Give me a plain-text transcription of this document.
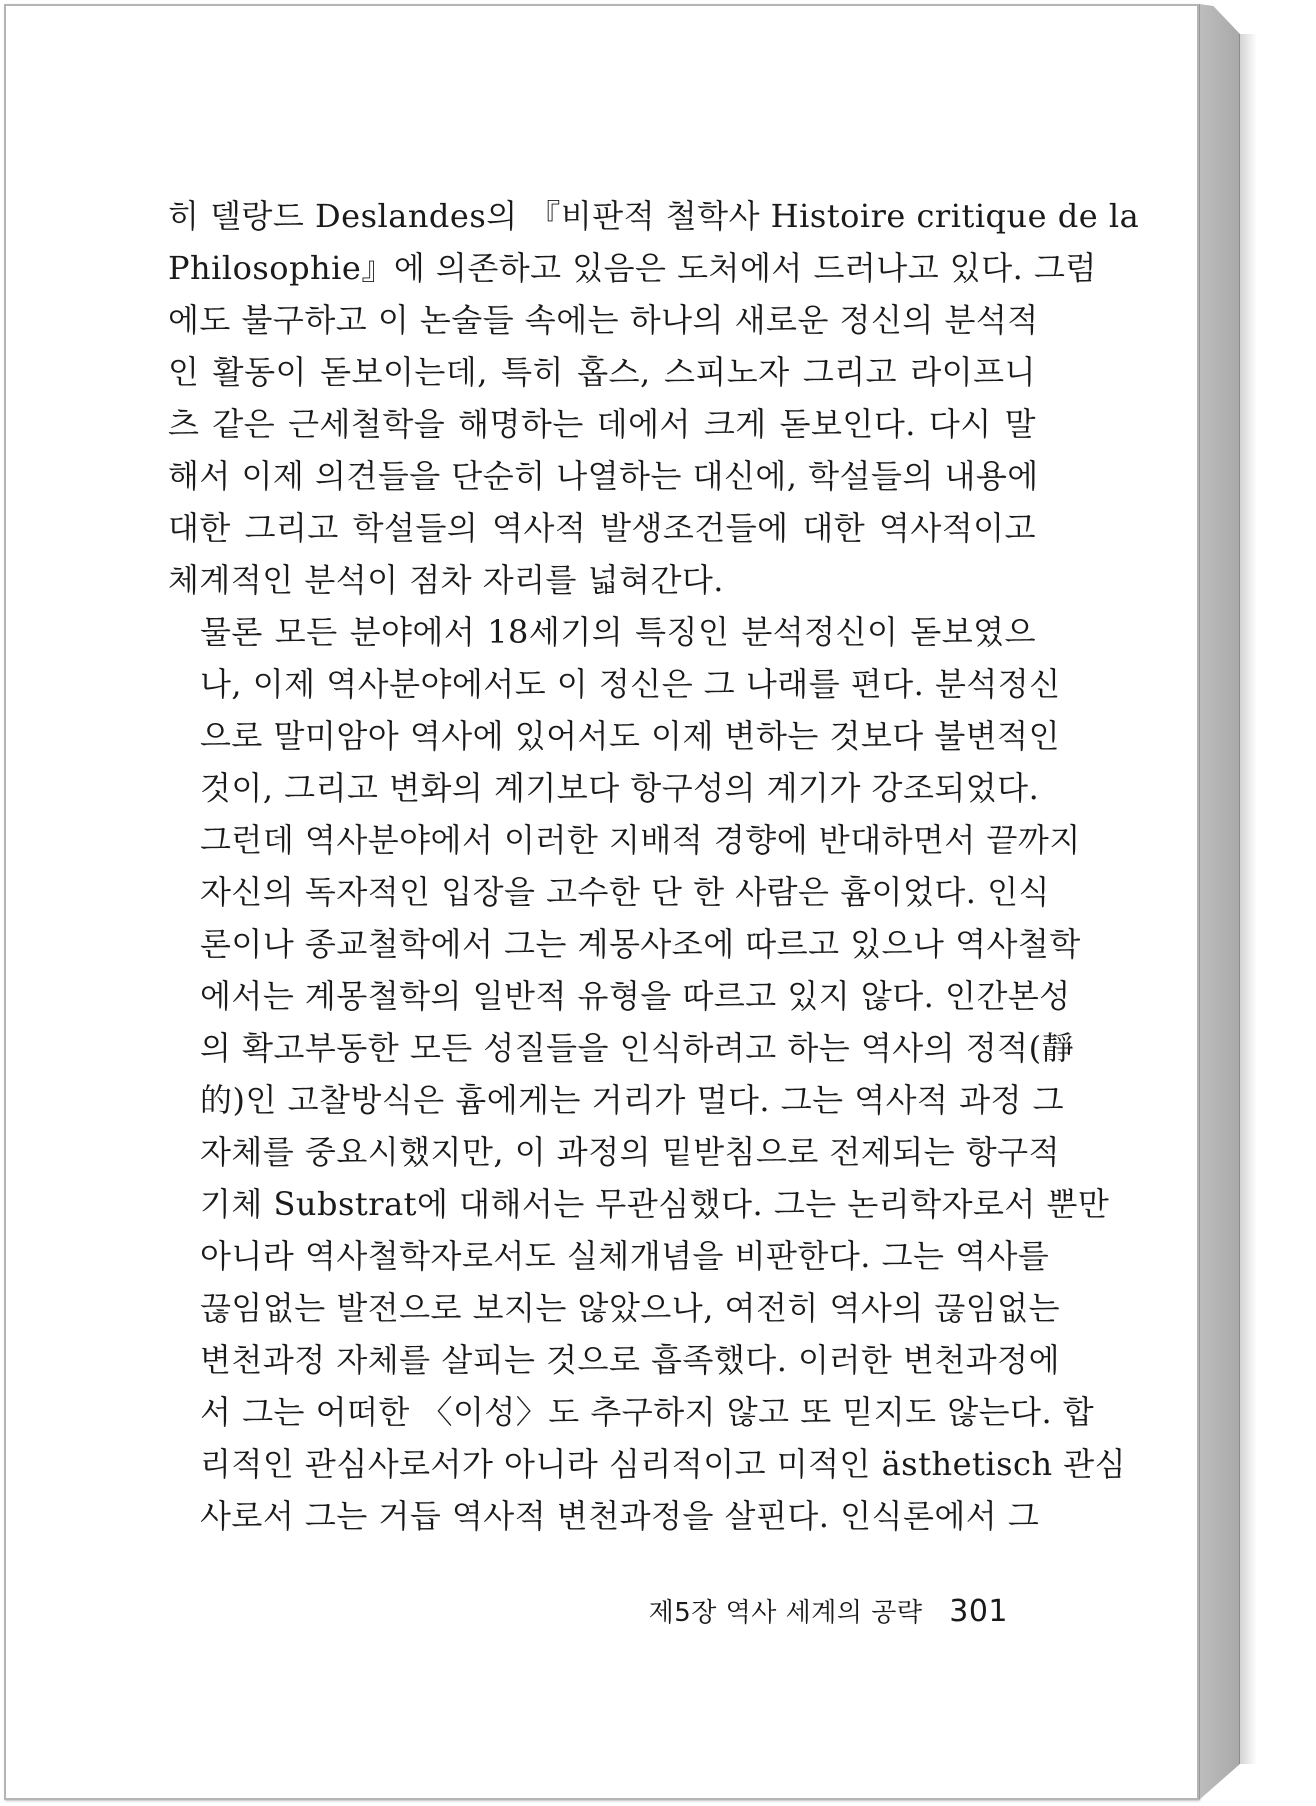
히 델랑드 Deslandes의 『비판적 철학사 Histoire critique de la
Philosophie』에 의존하고 있음은 도처에서 드러나고 있다. 그럼
에도 불구하고 이 논술들 속에는 하나의 새로운 정신의 분석적
인 활동이 돋보이는데, 특히 홉스, 스피노자 그리고 라이프니
츠 같은 근세철학을 해명하는 데에서 크게 돋보인다. 다시 말
해서 이제 의견들을 단순히 나열하는 대신에, 학설들의 내용에
대한 그리고 학설들의 역사적 발생조건들에 대한 역사적이고
체계적인 분석이 점차 자리를 넓혀간다.

물론 모든 분야에서 18세기의 특징인 분석정신이 돋보였으
나, 이제 역사분야에서도 이 정신은 그 나래를 편다. 분석정신
으로 말미암아 역사에 있어서도 이제 변하는 것보다 불변적인
것이, 그리고 변화의 계기보다 항구성의 계기가 강조되었다.
그런데 역사분야에서 이러한 지배적 경향에 반대하면서 끝까지
자신의 독자적인 입장을 고수한 단 한 사람은 흄이었다. 인식
론이나 종교철학에서 그는 계몽사조에 따르고 있으나 역사철학
에서는 계몽철학의 일반적 유형을 따르고 있지 않다. 인간본성
의 확고부동한 모든 성질들을 인식하려고 하는 역사의 정적(靜
的)인 고찰방식은 흄에게는 거리가 멀다. 그는 역사적 과정 그
자체를 중요시했지만, 이 과정의 밑받침으로 전제되는 항구적
기체 Substrat에 대해서는 무관심했다. 그는 논리학자로서 뿐만
아니라 역사철학자로서도 실체개념을 비판한다. 그는 역사를
끊임없는 발전으로 보지는 않았으나, 여전히 역사의 끊임없는
변천과정 자체를 살피는 것으로 흡족했다. 이러한 변천과정에
서 그는 어떠한 〈이성〉도 추구하지 않고 또 믿지도 않는다. 합
리적인 관심사로서가 아니라 심리적이고 미적인 ästhetisch 관심
사로서 그는 거듭 역사적 변천과정을 살핀다. 인식론에서 그

제5장 역사 세계의 공략 301
